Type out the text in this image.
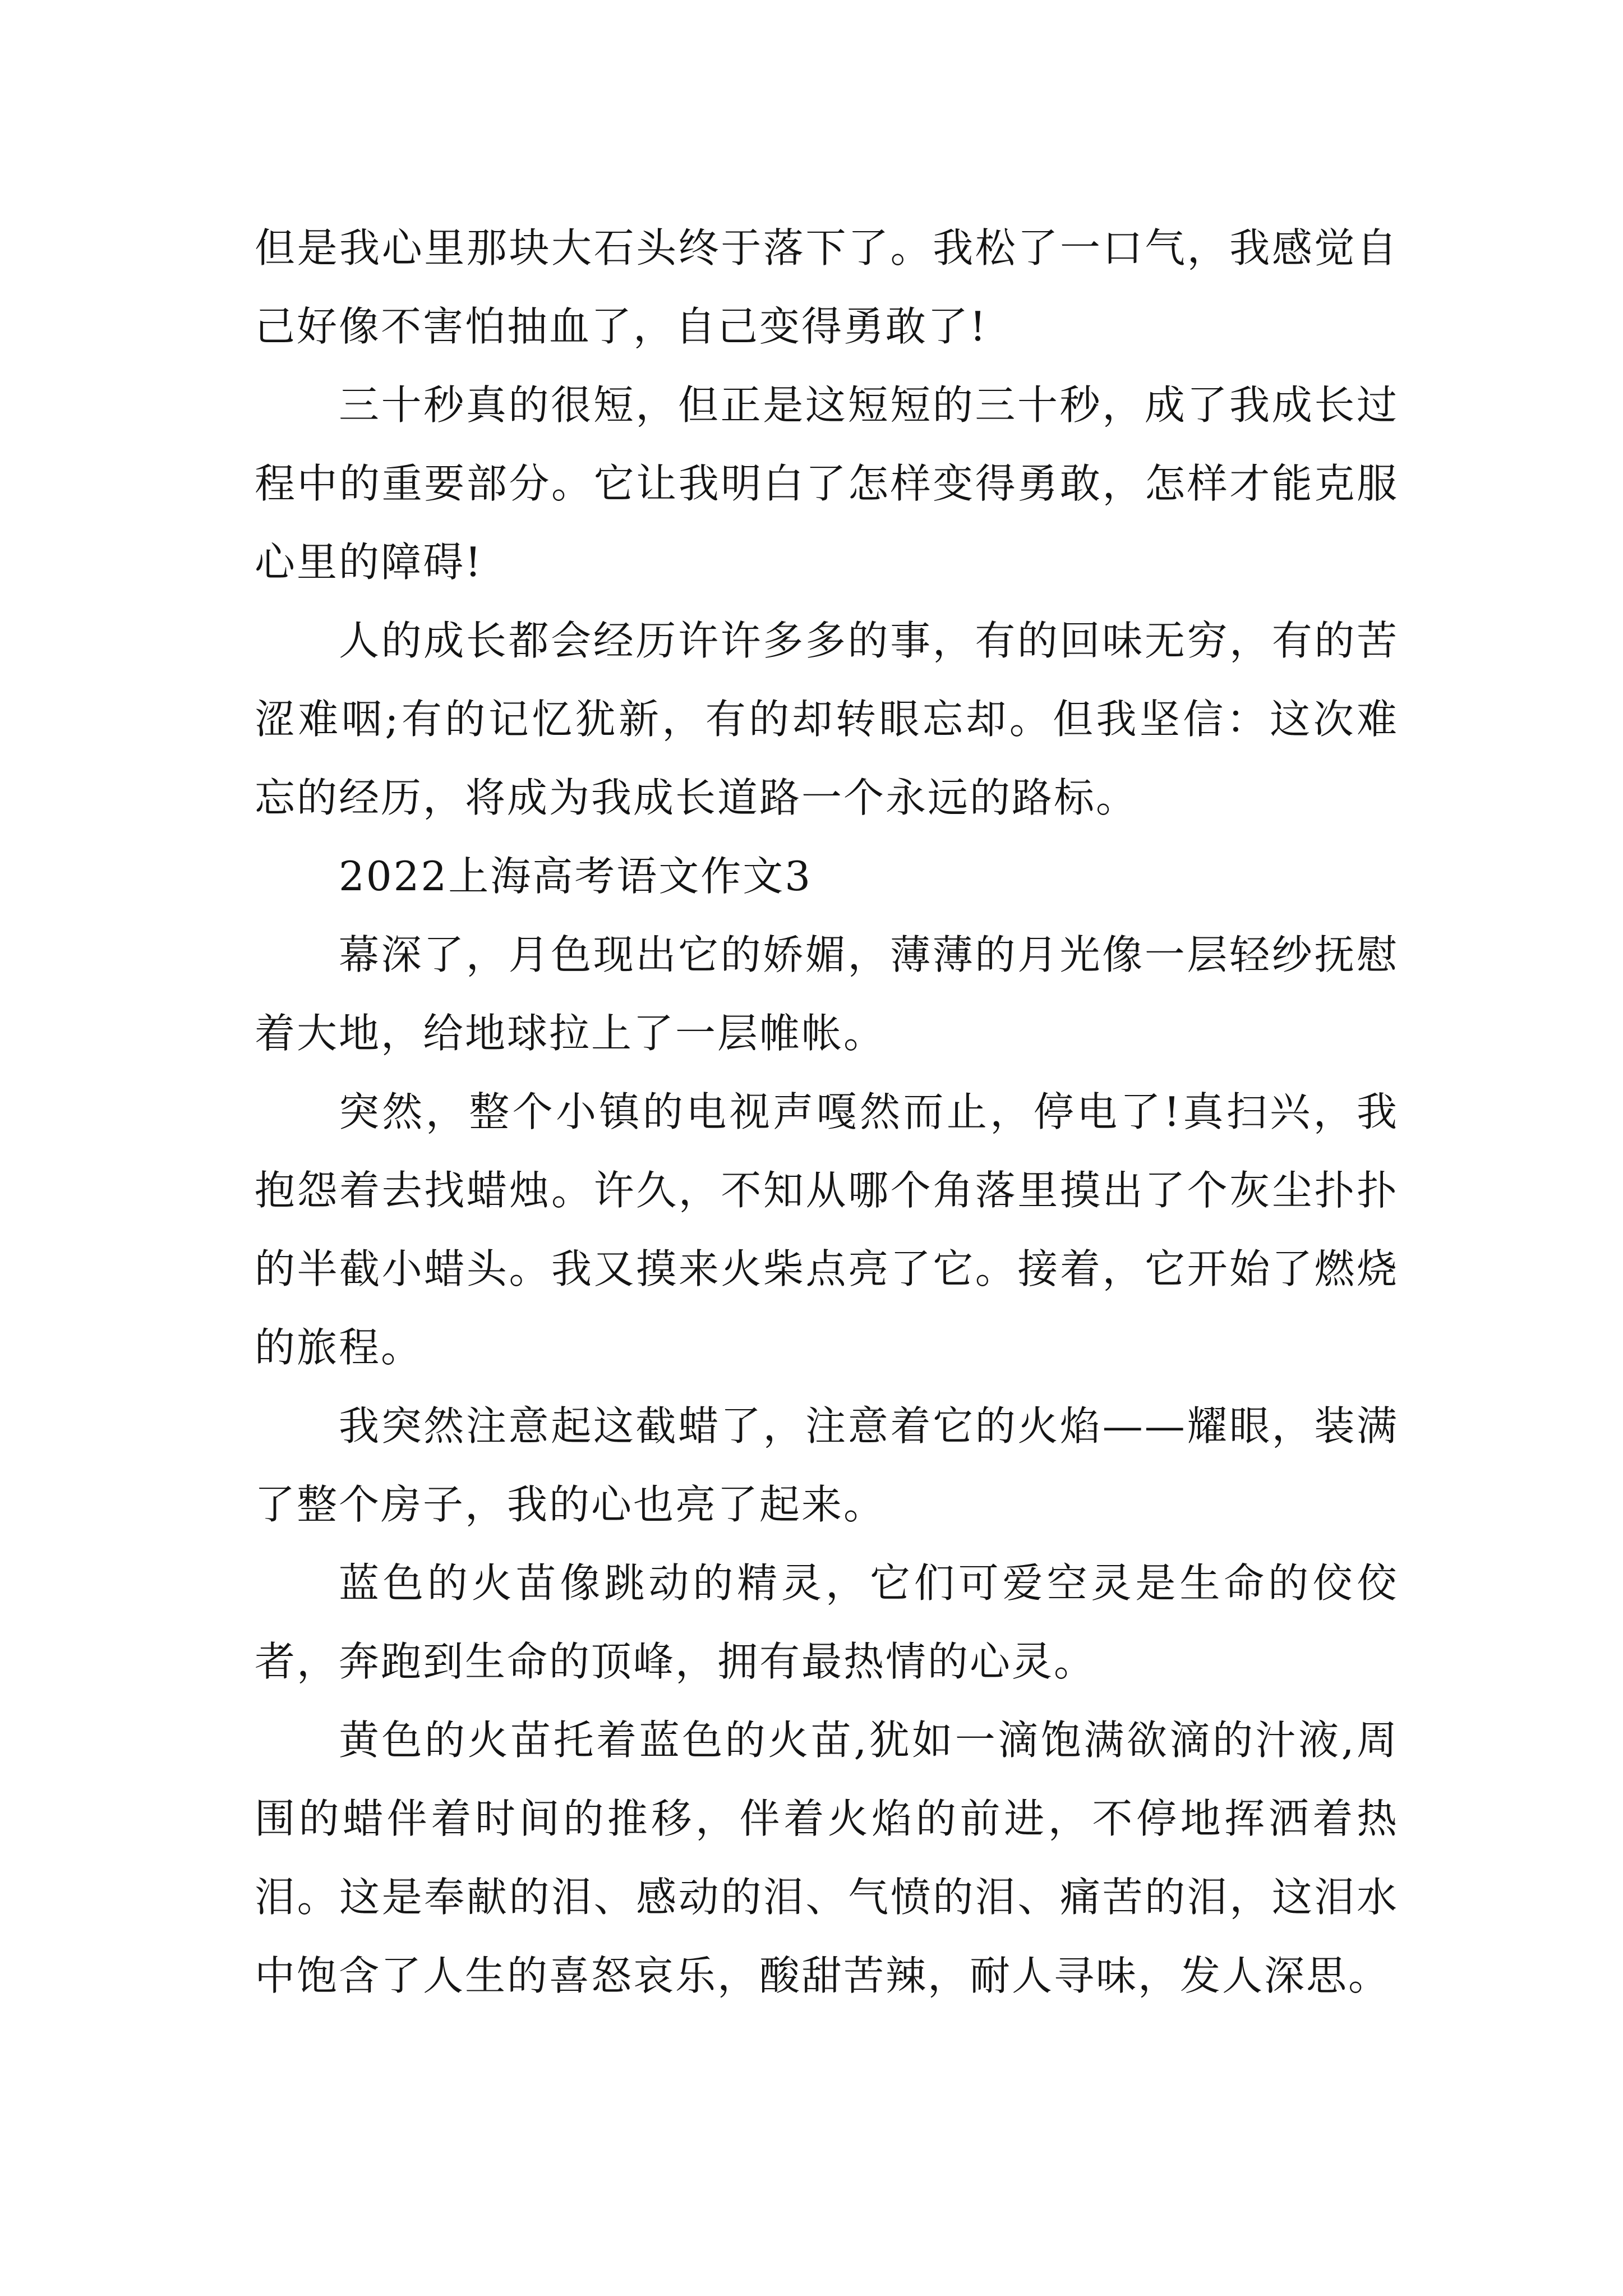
但是我心里那块大石头终于落下了。我松了一口气，我感觉自己好像不害怕抽血了，自己变得勇敢了!

三十秒真的很短，但正是这短短的三十秒，成了我成长过程中的重要部分。它让我明白了怎样变得勇敢，怎样才能克服心里的障碍!

人的成长都会经历许许多多的事，有的回味无穷，有的苦涩难咽;有的记忆犹新，有的却转眼忘却。但我坚信：这次难忘的经历，将成为我成长道路一个永远的路标。

2022上海高考语文作文3

幕深了，月色现出它的娇媚，薄薄的月光像一层轻纱抚慰着大地，给地球拉上了一层帷帐。

突然，整个小镇的电视声嘎然而止，停电了!真扫兴，我抱怨着去找蜡烛。许久，不知从哪个角落里摸出了个灰尘扑扑的半截小蜡头。我又摸来火柴点亮了它。接着，它开始了燃烧的旅程。

我突然注意起这截蜡了，注意着它的火焰——耀眼，装满了整个房子，我的心也亮了起来。

蓝色的火苗像跳动的精灵，它们可爱空灵是生命的佼佼者，奔跑到生命的顶峰，拥有最热情的心灵。

黄色的火苗托着蓝色的火苗,犹如一滴饱满欲滴的汁液,周围的蜡伴着时间的推移，伴着火焰的前进，不停地挥洒着热泪。这是奉献的泪、感动的泪、气愤的泪、痛苦的泪，这泪水中饱含了人生的喜怒哀乐，酸甜苦辣，耐人寻味，发人深思。
